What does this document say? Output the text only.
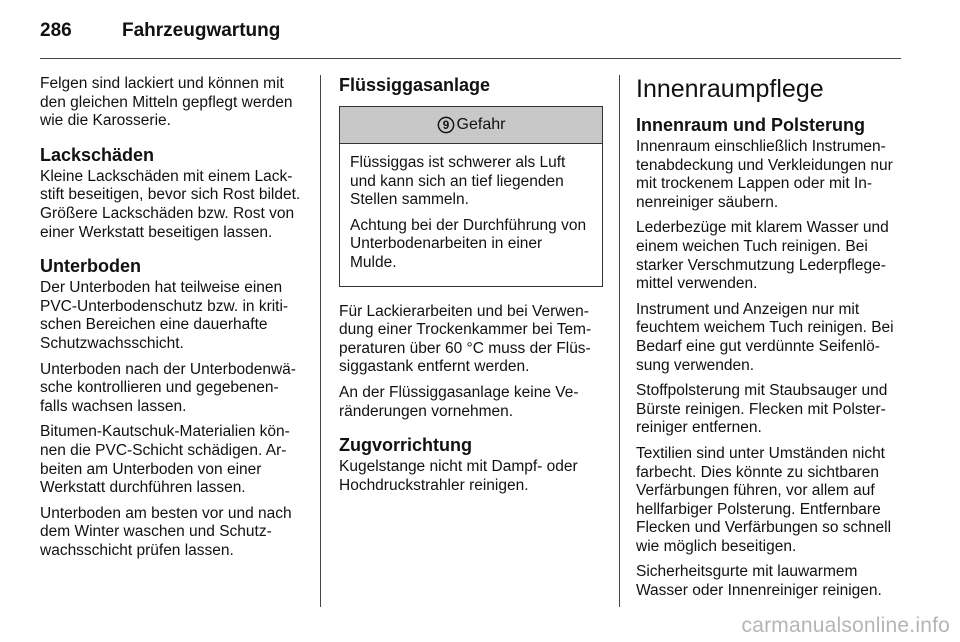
286	Fahrzeugwartung

Felgen sind lackiert und können mit
den gleichen Mitteln gepflegt werden
wie die Karosserie.

Lackschäden

Kleine Lackschäden mit einem Lack-
stift beseitigen, bevor sich Rost bildet.
Größere Lackschäden bzw. Rost von
einer Werkstatt beseitigen lassen.

Unterboden

Der Unterboden hat teilweise einen
PVC-Unterbodenschutz bzw. in kriti-
schen Bereichen eine dauerhafte
Schutzwachsschicht.

Unterboden nach der Unterbodenwä-
sche kontrollieren und gegebenen-
falls wachsen lassen.

Bitumen-Kautschuk-Materialien kön-
nen die PVC-Schicht schädigen. Ar-
beiten am Unterboden von einer
Werkstatt durchführen lassen.

Unterboden am besten vor und nach
dem Winter waschen und Schutz-
wachsschicht prüfen lassen.

Flüssiggasanlage
9 Gefahr

Flüssiggas ist schwerer als Luft
und kann sich an tief liegenden
Stellen sammeln.

Achtung bei der Durchführung von
Unterbodenarbeiten in einer
Mulde.

Für Lackierarbeiten und bei Verwen-
dung einer Trockenkammer bei Tem-
peraturen über 60 °C muss der Flüs-
siggastank entfernt werden.

An der Flüssiggasanlage keine Ve-
ränderungen vornehmen.

Zugvorrichtung

Kugelstange nicht mit Dampf- oder
Hochdruckstrahler reinigen.

Innenraumpflege
Innenraum und Polsterung

Innenraum einschließlich Instrumen-
tenabdeckung und Verkleidungen nur
mit trockenem Lappen oder mit In-
nenreiniger säubern.

Lederbezüge mit klarem Wasser und
einem weichen Tuch reinigen. Bei
starker Verschmutzung Lederpflege-
mittel verwenden.

Instrument und Anzeigen nur mit
feuchtem weichem Tuch reinigen. Bei
Bedarf eine gut verdünnte Seifenlö-
sung verwenden.

Stoffpolsterung mit Staubsauger und
Bürste reinigen. Flecken mit Polster-
reiniger entfernen.

Textilien sind unter Umständen nicht
farbecht. Dies könnte zu sichtbaren
Verfärbungen führen, vor allem auf
hellfarbiger Polsterung. Entfernbare
Flecken und Verfärbungen so schnell
wie möglich beseitigen.

Sicherheitsgurte mit lauwarmem
Wasser oder Innenreiniger reinigen.

carmanualsonline.info
